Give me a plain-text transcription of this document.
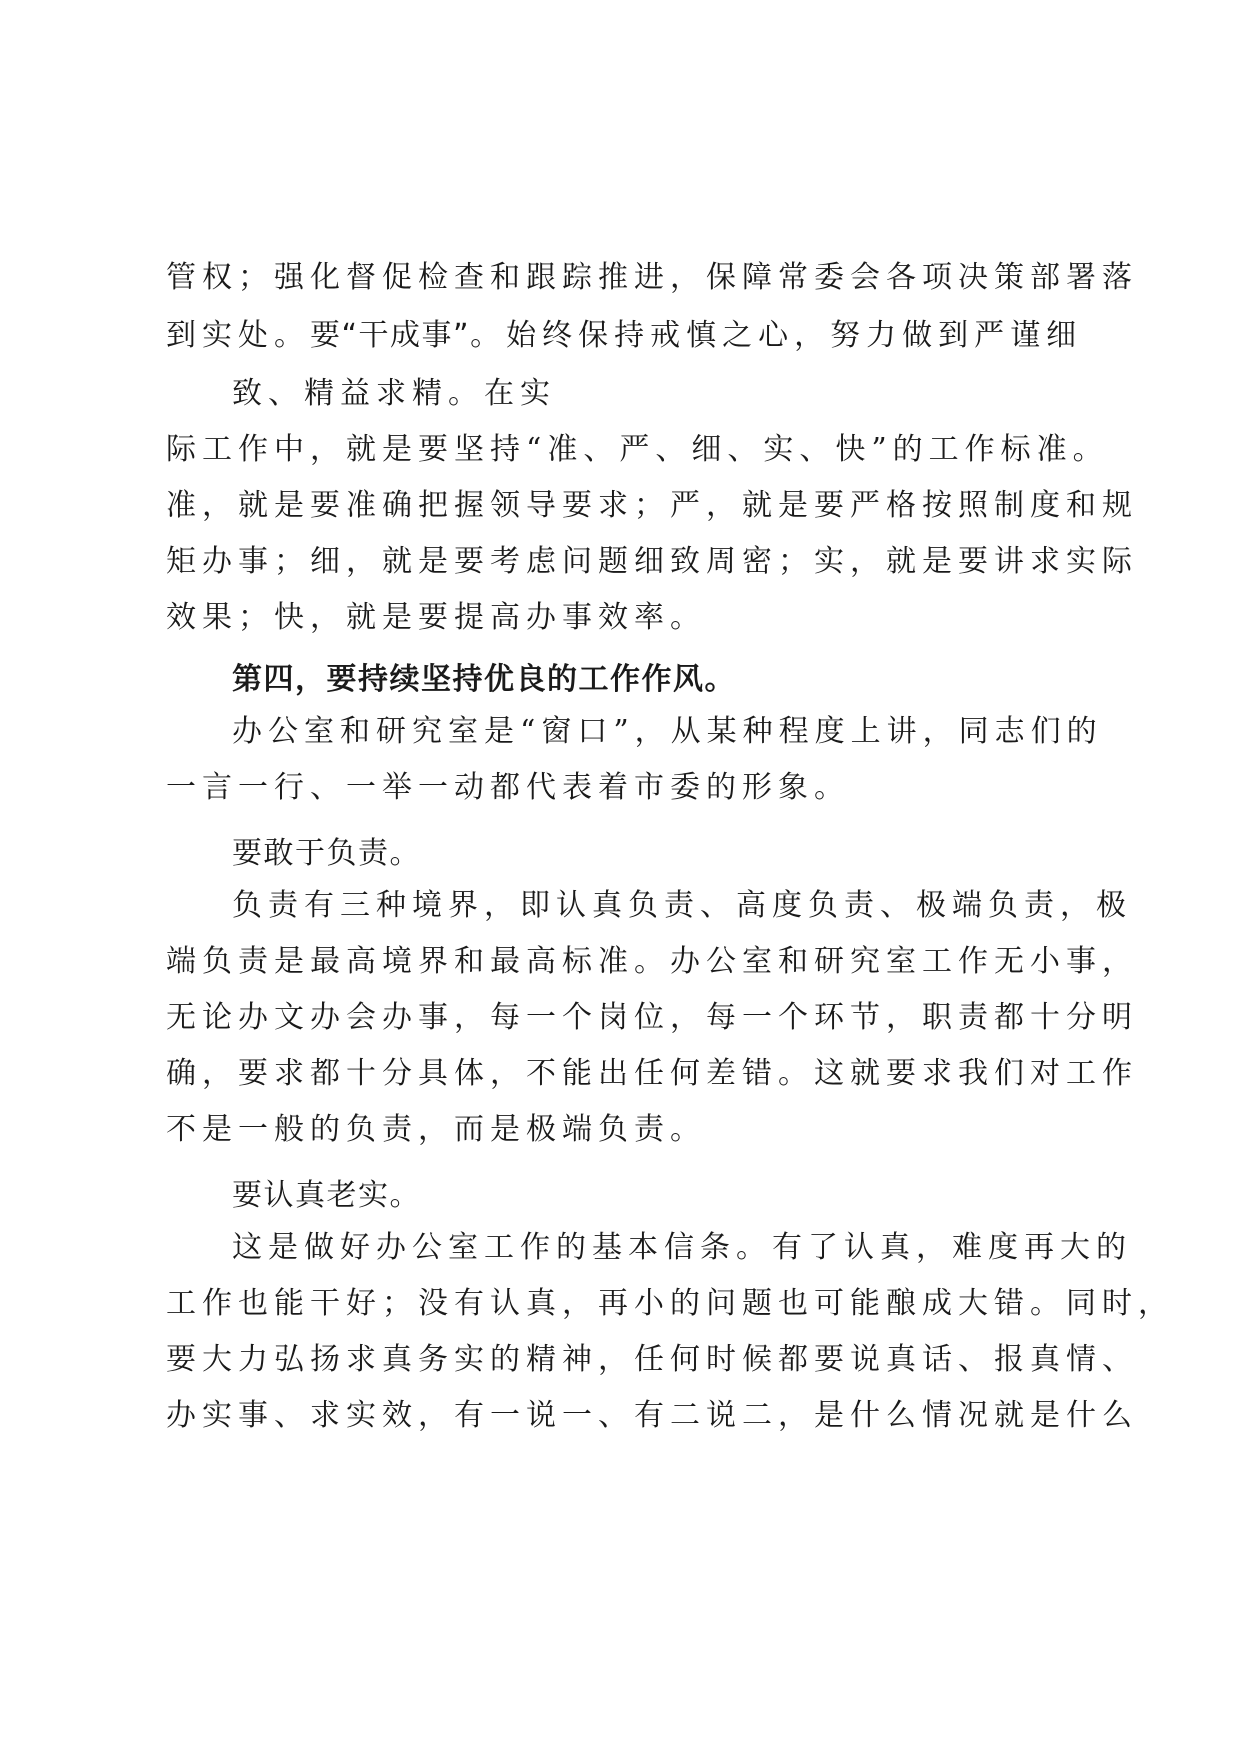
管权；强化督促检查和跟踪推进，保障常委会各项决策部署落
到实处。要“干成事”。始终保持戒慎之心，努力做到严谨细
致、精益求精。在实
际工作中，就是要坚持“准、严、细、实、快”的工作标准。
准，就是要准确把握领导要求；严，就是要严格按照制度和规
矩办事；细，就是要考虑问题细致周密；实，就是要讲求实际
效果；快，就是要提高办事效率。
第四，要持续坚持优良的工作作风。
办公室和研究室是“窗口”，从某种程度上讲，同志们的
一言一行、一举一动都代表着市委的形象。
要敢于负责。
负责有三种境界，即认真负责、高度负责、极端负责，极
端负责是最高境界和最高标准。办公室和研究室工作无小事，
无论办文办会办事，每一个岗位，每一个环节，职责都十分明
确，要求都十分具体，不能出任何差错。这就要求我们对工作
不是一般的负责，而是极端负责。
要认真老实。
这是做好办公室工作的基本信条。有了认真，难度再大的
工作也能干好；没有认真，再小的问题也可能酿成大错。同时，
要大力弘扬求真务实的精神，任何时候都要说真话、报真情、
办实事、求实效，有一说一、有二说二，是什么情况就是什么
